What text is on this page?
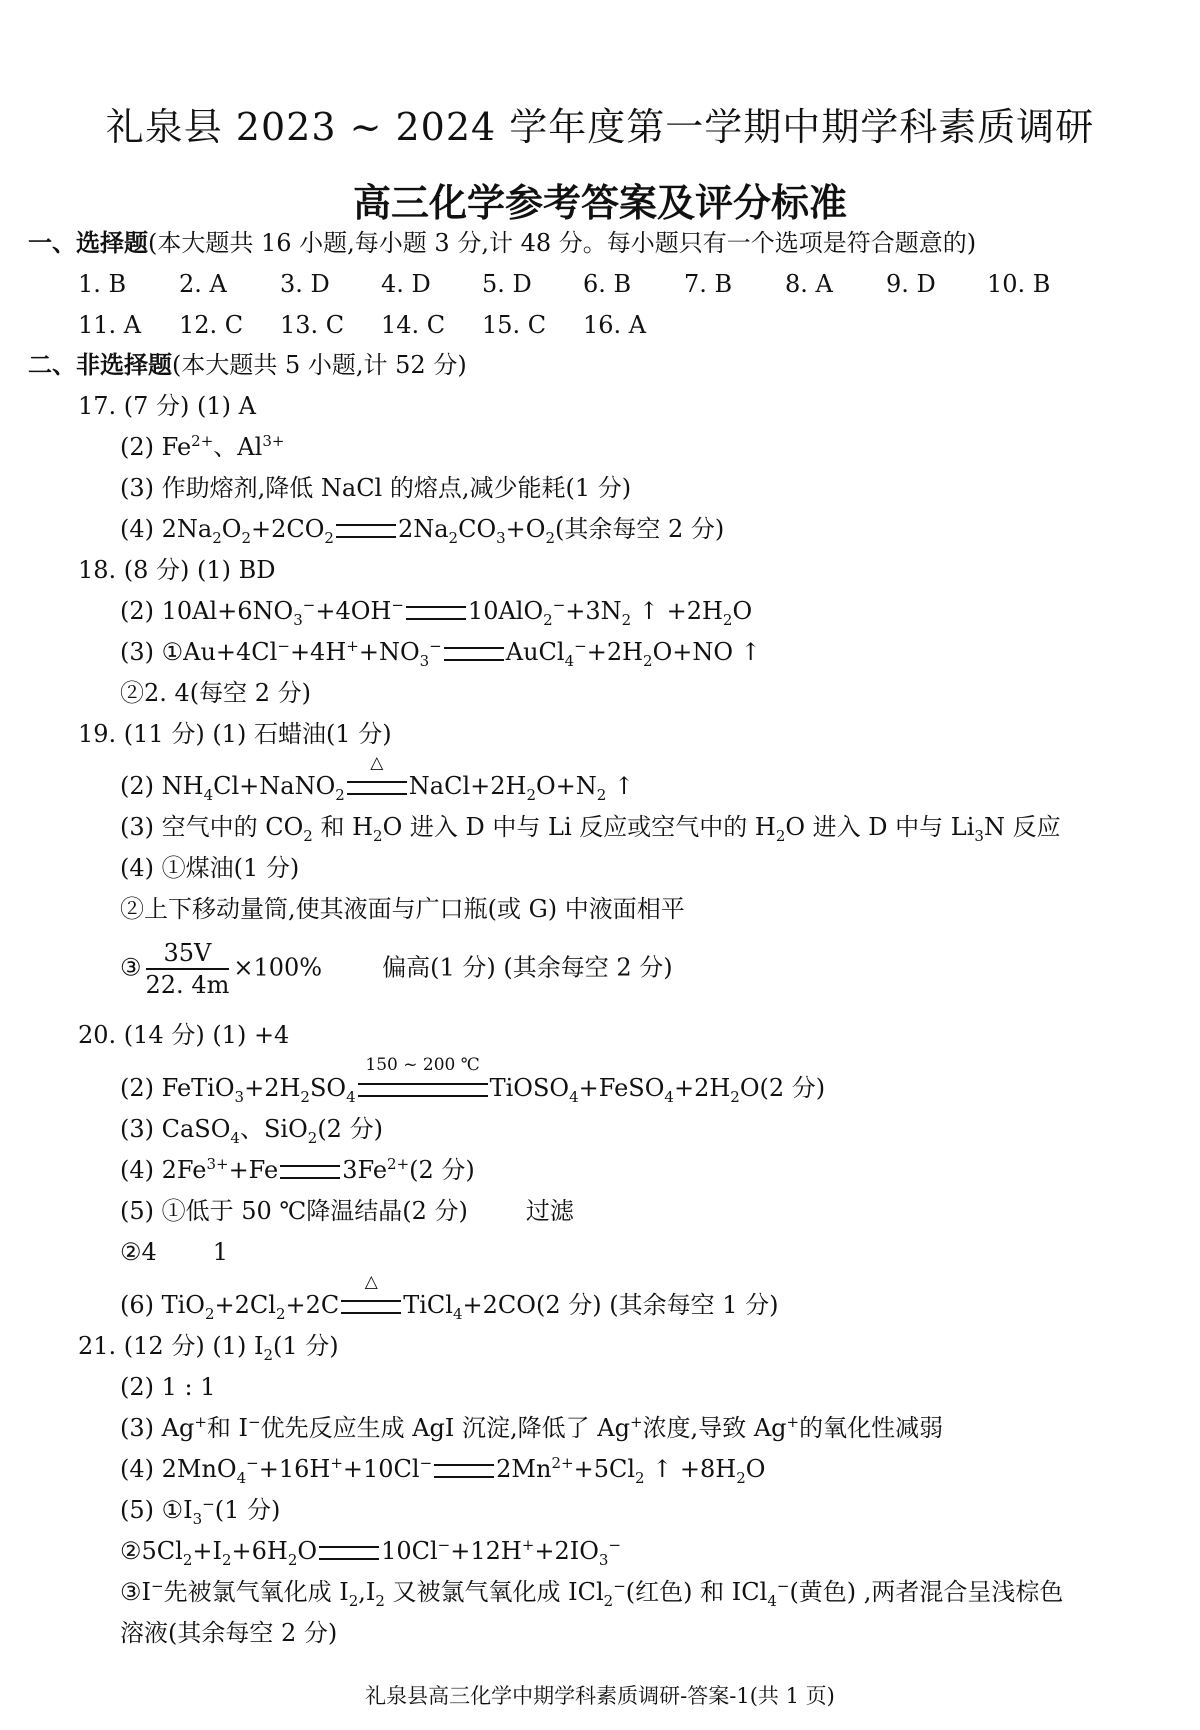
礼泉县 2023 ~ 2024 学年度第一学期中期学科素质调研
高三化学参考答案及评分标准
一、选择题(本大题共 16 小题,每小题 3 分,计 48 分。每小题只有一个选项是符合题意的)
1. B 2. A 3. D 4. D 5. D 6. B 7. B 8. A 9. D 10. B
11. A 12. C 13. C 14. C 15. C 16. A
二、非选择题(本大题共 5 小题,计 52 分)
17. (7 分) (1) A
(2) $Fe^{2+}$、$Al^{3+}$
(3) 作助熔剂,降低 NaCl 的熔点,减少能耗(1 分)
(4) $2Na_2O_2+2CO_2$	$2Na_2CO_3+O_2$(其余每空 2 分)
18. (8 分) (1) BD
(2) $10Al+6NO_3^-+4OH^-$	$10AlO_2^-+3N_2$ ↑ $+2H_2O$
(3) $①Au+4Cl^-+4H^++NO_3^-$	$AuCl_4^-+2H_2O+NO$ ↑
②2. 4(每空 2 分)
19. (11 分) (1) 石蜡油(1 分)
(2) $NH_4Cl+NaNO_2$
△
$NaCl+2H_2O+N_2$ ↑
(3) 空气中的 $CO_2$ 和 $H_2O$ 进入 D 中与 Li 反应或空气中的 $H_2O$ 进入 D 中与 $Li_3N$ 反应
(4) ①煤油(1 分)
②上下移动量筒,使其液面与广口瓶(或 G) 中液面相平
③ $\frac{35V}{22. 4m} \times 100\%$	偏高(1 分) (其余每空 2 分)
20. (14 分) (1) +4
(2) $FeTiO_3+2H_2SO_4$
150 ~ 200 ℃
$TiOSO_4+FeSO_4+2H_2O(2$ 分)
(3) CaSO$_4$、SiO$_2$(2 分)
(4) $2Fe^{3+}+Fe$	$3Fe^{2+}(2$ 分)
(5) ①低于 50 ℃降温结晶(2 分) 过滤
②4 1
(6) $TiO_2+2Cl_2+2C$
△
TiCl$_4$+2CO(2 分) (其余每空 1 分)
21. (12 分) (1) $I_2(1$ 分)
(2) 1 : 1
(3) Ag+和 I−优先反应生成 AgI 沉淀,降低了 Ag+浓度,导致 Ag+的氧化性减弱
(4) 2MnO$_4$−+16H++10Cl−	$2Mn^{2+}+5Cl_2$ ↑ $+8H_2O$
(5) $①I_3^-(1$ 分)
$②5Cl_2+I_2+6H_2O$	$10Cl^-+12H^++2IO_3^-$
③I−先被氯气氧化成 $I_2,I_2$ 又被氯气氧化成 ICl$_2$−(红色) 和 ICl$_4$−(黄色) ,两者混合呈浅棕色
溶液(其余每空 2 分)
礼泉县高三化学中期学科素质调研-答案-1(共 1 页)
